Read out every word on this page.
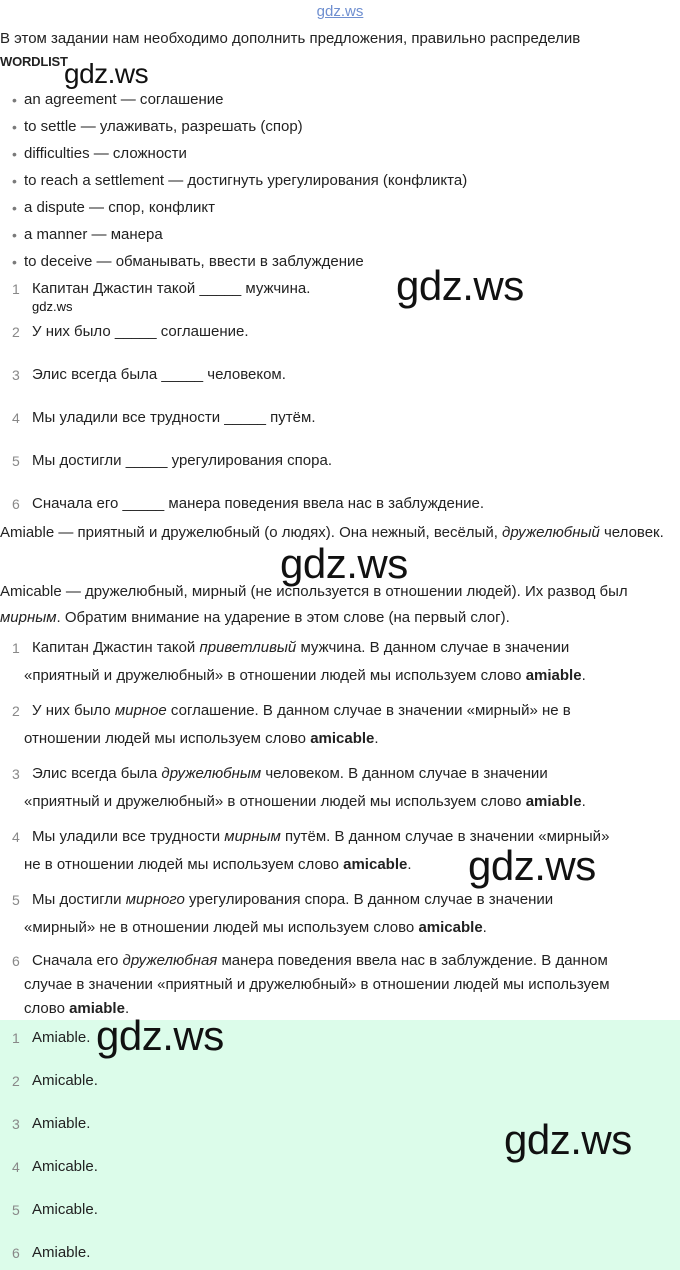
gdz.ws
В этом задании нам необходимо дополнить предложения, правильно распределив
WORDLIST
• an agreement — соглашение
• to settle — улаживать, разрешать (спор)
• difficulties — сложности
• to reach a settlement — достигнуть урегулирования (конфликта)
• a dispute — спор, конфликт
• a manner — манера
• to deceive — обманывать, ввести в заблуждение
1 Капитан Джастин такой _____ мужчина.
2 У них было _____ соглашение.
3 Элис всегда была _____ человеком.
4 Мы уладили все трудности _____ путём.
5 Мы достигли _____ урегулирования спора.
6 Сначала его _____ манера поведения ввела нас в заблуждение.
Amiable — приятный и дружелюбный (о людях). Она нежный, весёлый, дружелюбный человек.
Amicable — дружелюбный, мирный (не используется в отношении людей). Их развод был мирным. Обратим внимание на ударение в этом слове (на первый слог).
1 Капитан Джастин такой приветливый мужчина. В данном случае в значении
«приятный и дружелюбный» в отношении людей мы используем слово amiable.
2 У них было мирное соглашение. В данном случае в значении «мирный» не в
отношении людей мы используем слово amicable.
3 Элис всегда была дружелюбным человеком. В данном случае в значении
«приятный и дружелюбный» в отношении людей мы используем слово amiable.
4 Мы уладили все трудности мирным путём. В данном случае в значении «мирный»
не в отношении людей мы используем слово amicable.
5 Мы достигли мирного урегулирования спора. В данном случае в значении
«мирный» не в отношении людей мы используем слово amicable.
6 Сначала его дружелюбная манера поведения ввела нас в заблуждение. В данном
случае в значении «приятный и дружелюбный» в отношении людей мы используем
слово amiable.
1 Amiable.
2 Amicable.
3 Amiable.
4 Amicable.
5 Amicable.
6 Amiable.
gdz.ws
gdz.ws
gdz.ws
gdz.ws
gdz.ws
gdz.ws
gdz.ws
